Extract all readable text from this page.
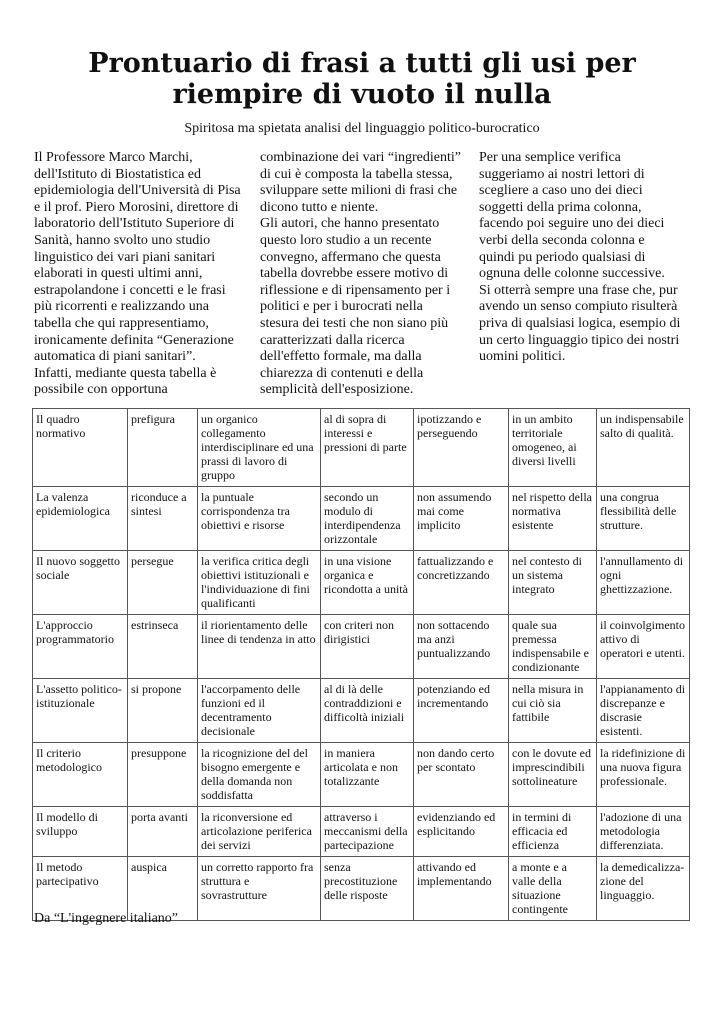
Prontuario di frasi a tutti gli usi per
riempire di vuoto il nulla

Spiritosa ma spietata analisi del linguaggio politico-burocratico

Il Professore Marco Marchi,
dell'Istituto di Biostatistica ed
epidemiologia dell'Università di Pisa
e il prof. Piero Morosini, direttore di
laboratorio dell'Istituto Superiore di
Sanità, hanno svolto uno studio
linguistico dei vari piani sanitari
elaborati in questi ultimi anni,
estrapolandone i concetti e le frasi
più ricorrenti e realizzando una
tabella che qui rappresentiamo,
ironicamente definita “Generazione
automatica di piani sanitari”.
Infatti, mediante questa tabella è
possibile con opportuna

combinazione dei vari “ingredienti”
di cui è composta la tabella stessa,
sviluppare sette milioni di frasi che
dicono tutto e niente.
Gli autori, che hanno presentato
questo loro studio a un recente
convegno, affermano che questa
tabella dovrebbe essere motivo di
riflessione e di ripensamento per i
politici e per i burocrati nella
stesura dei testi che non siano più
caratterizzati dalla ricerca
dell'effetto formale, ma dalla
chiarezza di contenuti e della
semplicità dell'esposizione.

Per una semplice verifica
suggeriamo ai nostri lettori di
scegliere a caso uno dei dieci
soggetti della prima colonna,
facendo poi seguire uno dei dieci
verbi della seconda colonna e
quindi pu periodo qualsiasi di
ognuna delle colonne successive.
Si otterrà sempre una frase che, pur
avendo un senso compiuto risulterà
priva di qualsiasi logica, esempio di
un certo linguaggio tipico dei nostri
uomini politici.

Il quadro
normativo	prefigura	un organico
collegamento
interdisciplinare ed una
prassi di lavoro di
gruppo	al di sopra di
interessi e
pressioni di parte	ipotizzando e
perseguendo	in un ambito
territoriale
omogeneo, ai
diversi livelli	un indispensabile
salto di qualità.
La valenza
epidemiologica	riconduce a
sintesi	la puntuale
corrispondenza tra
obiettivi e risorse	secondo un
modulo di
interdipendenza
orizzontale	non assumendo
mai come
implicito	nel rispetto della
normativa
esistente	una congrua
flessibilità delle
strutture.
Il nuovo soggetto
sociale	persegue	la verifica critica degli
obiettivi istituzionali e
l'individuazione di fini
qualificanti	in una visione
organica e
ricondotta a unità	fattualizzando e
concretizzando	nel contesto di
un sistema
integrato	l'annullamento di
ogni
ghettizzazione.
L'approccio
programmatorio	estrinseca	il riorientamento delle
linee di tendenza in atto	con criteri non
dirigistici	non sottacendo
ma anzi
puntualizzando	quale sua
premessa
indispensabile e
condizionante	il coinvolgimento
attivo di
operatori e utenti.
L'assetto politico-
istituzionale	si propone	l'accorpamento delle
funzioni ed il
decentramento
decisionale	al di là delle
contraddizioni e
difficoltà iniziali	potenziando ed
incrementando	nella misura in
cui ciò sia
fattibile	l'appianamento di
discrepanze e
discrasie
esistenti.
Il criterio
metodologico	presuppone	la ricognizione del del
bisogno emergente e
della domanda non
soddisfatta	in maniera
articolata e non
totalizzante	non dando certo
per scontato	con le dovute ed
imprescindibili
sottolineature	la ridefinizione di
una nuova figura
professionale.
Il modello di
sviluppo	porta avanti	la riconversione ed
articolazione periferica
dei servizi	attraverso i
meccanismi della
partecipazione	evidenziando ed
esplicitando	in termini di
efficacia ed
efficienza	l'adozione di una
metodologia
differenziata.
Il metodo
partecipativo	auspica	un corretto rapporto fra
struttura e
sovrastrutture	senza
precostituzione
delle risposte	attivando ed
implementando	a monte e a
valle della
situazione
contingente	la demedicalizza-
zione del
linguaggio.

Da “L'ingegnere italiano”
